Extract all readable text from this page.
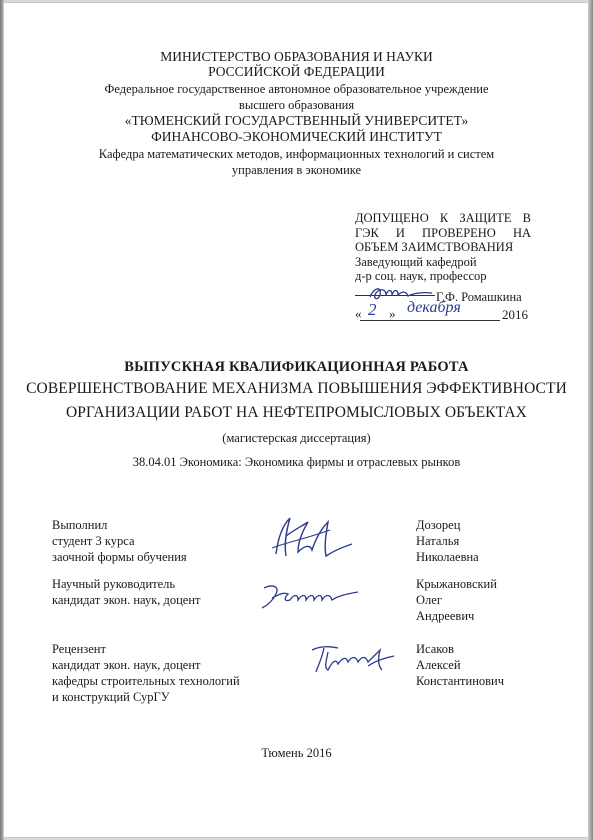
МИНИСТЕРСТВО ОБРАЗОВАНИЯ И НАУКИ
РОССИЙСКОЙ ФЕДЕРАЦИИ
Федеральное государственное автономное образовательное учреждение
высшего образования
«ТЮМЕНСКИЙ ГОСУДАРСТВЕННЫЙ УНИВЕРСИТЕТ»
ФИНАНСОВО-ЭКОНОМИЧЕСКИЙ ИНСТИТУТ
Кафедра математических методов, информационных технологий и систем
управления в экономике
ДОПУЩЕНО К ЗАЩИТЕ В
ГЭК И ПРОВЕРЕНО НА
ОБЪЕМ ЗАИМСТВОВАНИЯ
Заведующий кафедрой
д-р соц. наук, профессор
Г.Ф. Ромашкина
« 2 » декабря	2016
ВЫПУСКНАЯ КВАЛИФИКАЦИОННАЯ РАБОТА
СОВЕРШЕНСТВОВАНИЕ МЕХАНИЗМА ПОВЫШЕНИЯ ЭФФЕКТИВНОСТИ
ОРГАНИЗАЦИИ РАБОТ НА НЕФТЕПРОМЫСЛОВЫХ ОБЪЕКТАХ
(магистерская диссертация)
38.04.01 Экономика: Экономика фирмы и отраслевых рынков
Выполнил
студент 3 курса
заочной формы обучения
Дозорец
Наталья
Николаевна
Научный руководитель
кандидат экон. наук, доцент
Крыжановский
Олег
Андреевич
Рецензент
кандидат экон. наук, доцент
кафедры строительных технологий
и конструкций СурГУ
Исаков
Алексей
Константинович
Тюмень 2016
